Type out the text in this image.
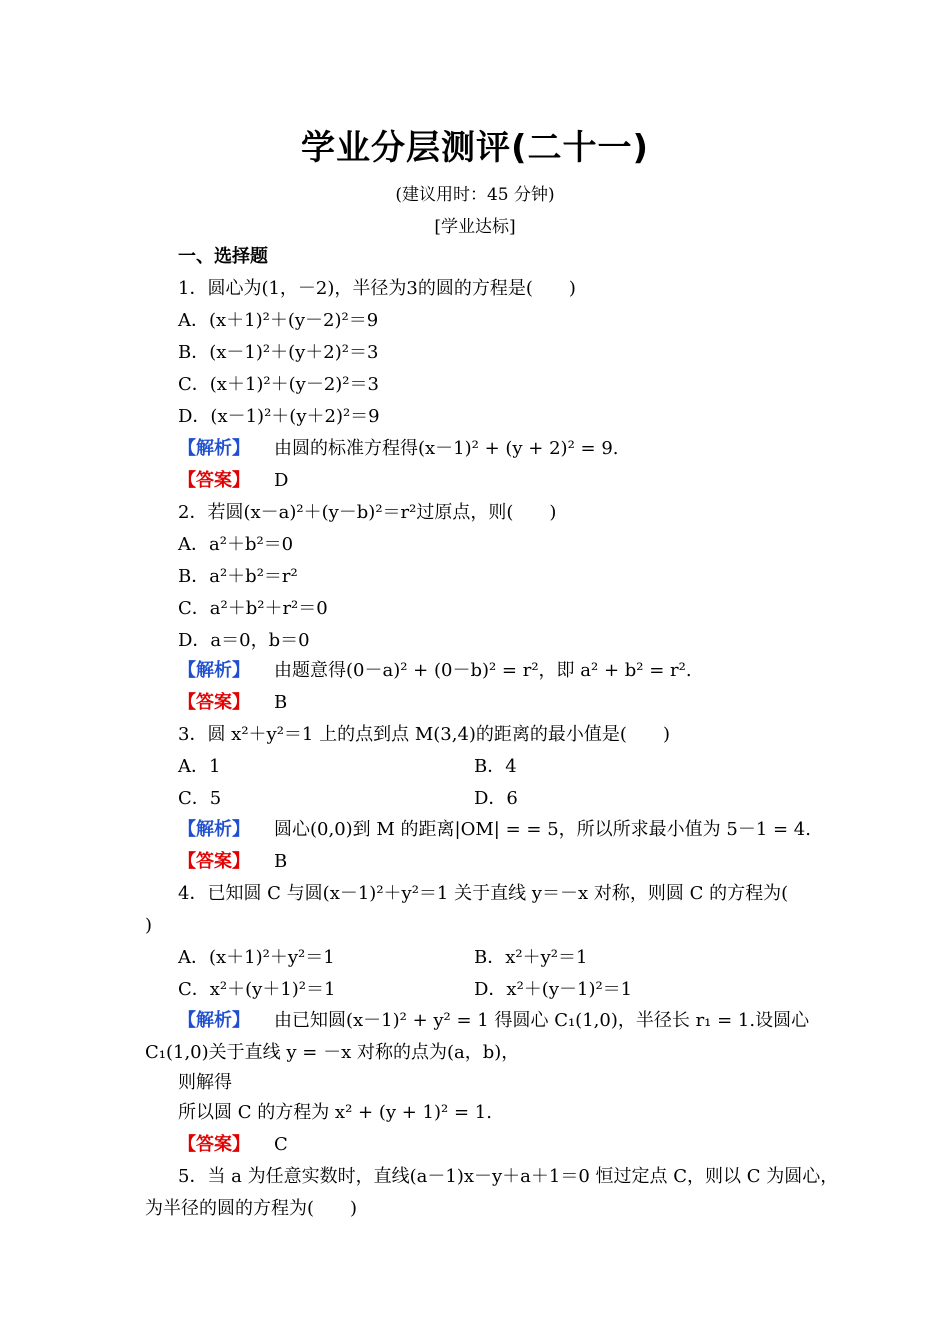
学业分层测评(二十一)
(建议用时：45 分钟)
[学业达标]
一、选择题
1．圆心为(1，－2)，半径为3的圆的方程是(　　)
A．(x＋1)²＋(y－2)²＝9
B．(x－1)²＋(y＋2)²＝3
C．(x＋1)²＋(y－2)²＝3
D．(x－1)²＋(y＋2)²＝9
【解析】 由圆的标准方程得(x－1)² + (y + 2)² = 9.
【答案】 D
2．若圆(x－a)²＋(y－b)²＝r²过原点，则(　　)
A．a²＋b²＝0
B．a²＋b²＝r²
C．a²＋b²＋r²＝0
D．a＝0，b＝0
【解析】 由题意得(0－a)² + (0－b)² = r²，即 a² + b² = r².
【答案】 B
3．圆 x²＋y²＝1 上的点到点 M(3,4)的距离的最小值是(　　)
A．1	B．4
C．5	D．6
【解析】 圆心(0,0)到 M 的距离|OM| = = 5，所以所求最小值为 5－1 = 4.
【答案】 B
4．已知圆 C 与圆(x－1)²＋y²＝1 关于直线 y＝－x 对称，则圆 C 的方程为(
)
A．(x＋1)²＋y²＝1	B．x²＋y²＝1
C．x²＋(y＋1)²＝1	D．x²＋(y－1)²＝1
【解析】 由已知圆(x－1)² + y² = 1 得圆心 C₁(1,0)，半径长 r₁ = 1.设圆心
C₁(1,0)关于直线 y = －x 对称的点为(a，b)，
则解得
所以圆 C 的方程为 x² + (y + 1)² = 1.
【答案】 C
5．当 a 为任意实数时，直线(a－1)x－y＋a＋1＝0 恒过定点 C，则以 C 为圆心，
为半径的圆的方程为(　　)
